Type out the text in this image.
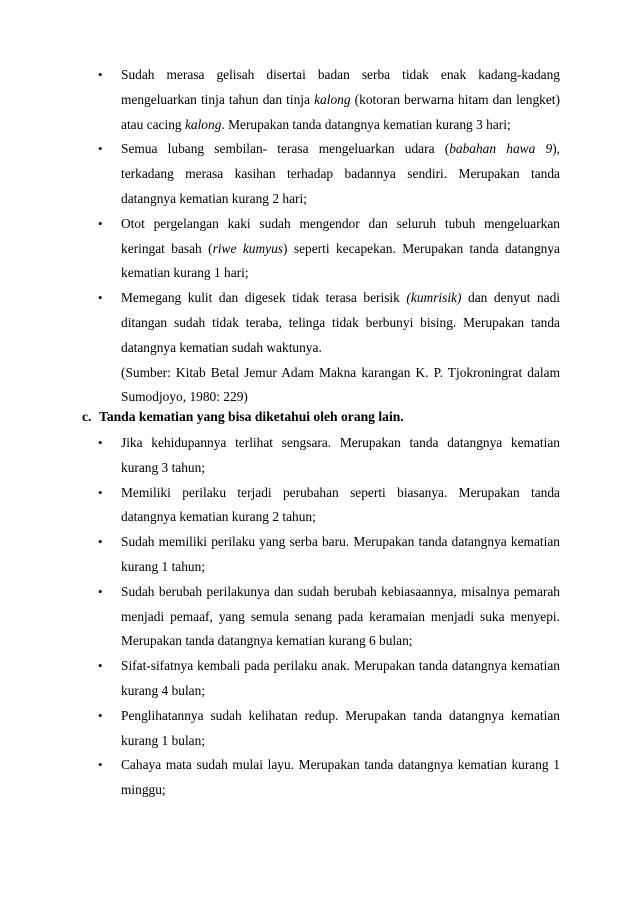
• Sudah merasa gelisah disertai badan serba tidak enak kadang-kadang mengeluarkan tinja tahun dan tinja kalong (kotoran berwarna hitam dan lengket) atau cacing kalong. Merupakan tanda datangnya kematian kurang 3 hari;
• Semua lubang sembilan- terasa mengeluarkan udara (babahan hawa 9), terkadang merasa kasihan terhadap badannya sendiri. Merupakan tanda datangnya kematian kurang 2 hari;
• Otot pergelangan kaki sudah mengendor dan seluruh tubuh mengeluarkan keringat basah (riwe kumyus) seperti kecapekan. Merupakan tanda datangnya kematian kurang 1 hari;
• Memegang kulit dan digesek tidak terasa berisik (kumrisik) dan denyut nadi ditangan sudah tidak teraba, telinga tidak berbunyi bising. Merupakan tanda datangnya kematian sudah waktunya.
(Sumber: Kitab Betal Jemur Adam Makna karangan K. P. Tjokroningrat dalam Sumodjoyo, 1980: 229)
c. Tanda kematian yang bisa diketahui oleh orang lain.
• Jika kehidupannya terlihat sengsara. Merupakan tanda datangnya kematian kurang 3 tahun;
• Memiliki perilaku terjadi perubahan seperti biasanya. Merupakan tanda datangnya kematian kurang 2 tahun;
• Sudah memiliki perilaku yang serba baru. Merupakan tanda datangnya kematian kurang 1 tahun;
• Sudah berubah perilakunya dan sudah berubah kebiasaannya, misalnya pemarah menjadi pemaaf, yang semula senang pada keramaian menjadi suka menyepi. Merupakan tanda datangnya kematian kurang 6 bulan;
• Sifat-sifatnya kembali pada perilaku anak. Merupakan tanda datangnya kematian kurang 4 bulan;
• Penglihatannya sudah kelihatan redup. Merupakan tanda datangnya kematian kurang 1 bulan;
• Cahaya mata sudah mulai layu. Merupakan tanda datangnya kematian kurang 1 minggu;
